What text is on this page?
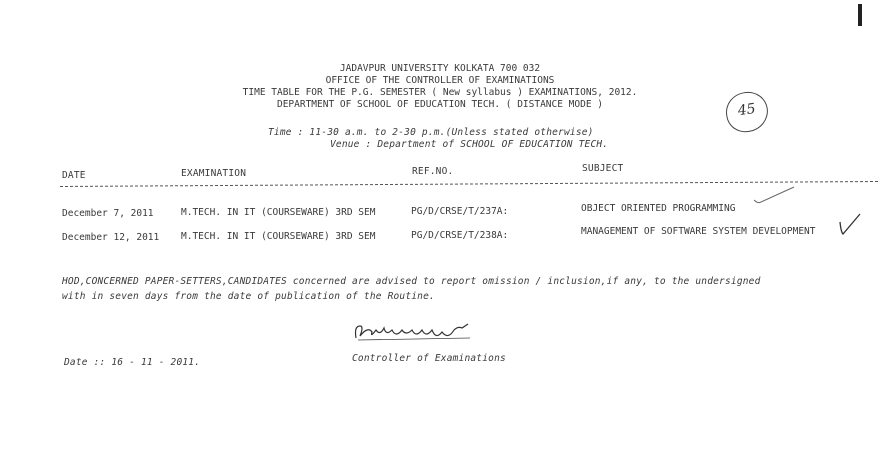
JADAVPUR UNIVERSITY KOLKATA 700 032
OFFICE OF THE CONTROLLER OF EXAMINATIONS
TIME TABLE FOR THE P.G. SEMESTER ( New syllabus ) EXAMINATIONS, 2012.
DEPARTMENT OF SCHOOL OF EDUCATION TECH. ( DISTANCE MODE )	45
Time : 11-30 a.m. to 2-30 p.m.(Unless stated otherwise)
Venue : Department of SCHOOL OF EDUCATION TECH.
DATE	EXAMINATION	REF.NO.	SUBJECT
December 7, 2011	M.TECH. IN IT (COURSEWARE) 3RD SEM	PG/D/CRSE/T/237A:	OBJECT ORIENTED PROGRAMMING
December 12, 2011 M.TECH. IN IT (COURSEWARE) 3RD SEM	PG/D/CRSE/T/238A:	MANAGEMENT OF SOFTWARE SYSTEM DEVELOPMENT
HOD,CONCERNED PAPER-SETTERS,CANDIDATES concerned are advised to report omission / inclusion,if any, to the undersigned
with in seven days from the date of publication of the Routine.
Date :: 16 - 11 - 2011.	Controller of Examinations
